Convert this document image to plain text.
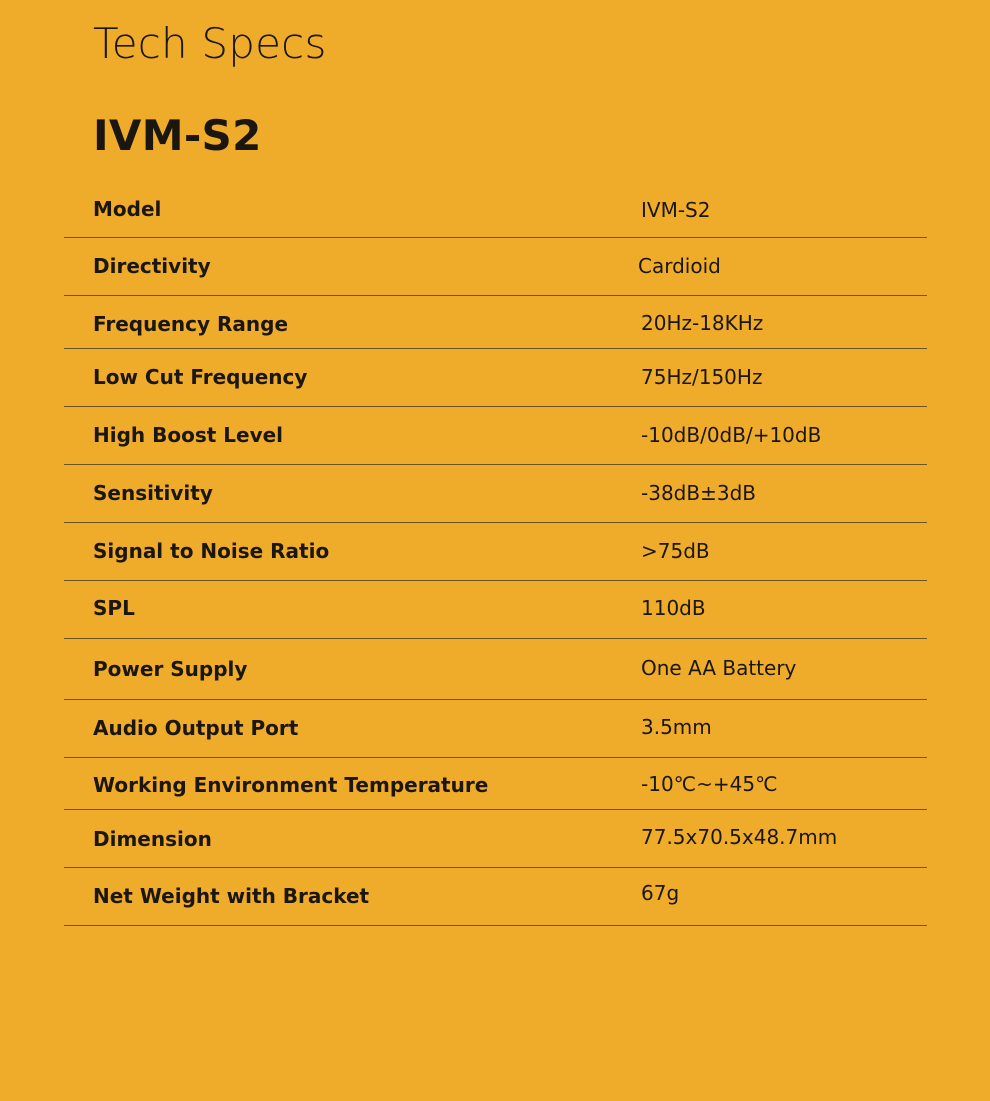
Tech Specs
IVM-S2
Model	IVM-S2
Directivity	Cardioid
Frequency Range	20Hz-18KHz
Low Cut Frequency	75Hz/150Hz
High Boost Level	-10dB/0dB/+10dB
Sensitivity	-38dB±3dB
Signal to Noise Ratio	>75dB
SPL	110dB
Power Supply	One AA Battery
Audio Output Port	3.5mm
Working Environment Temperature	-10℃~+45℃
Dimension	77.5x70.5x48.7mm
Net Weight with Bracket	67g
